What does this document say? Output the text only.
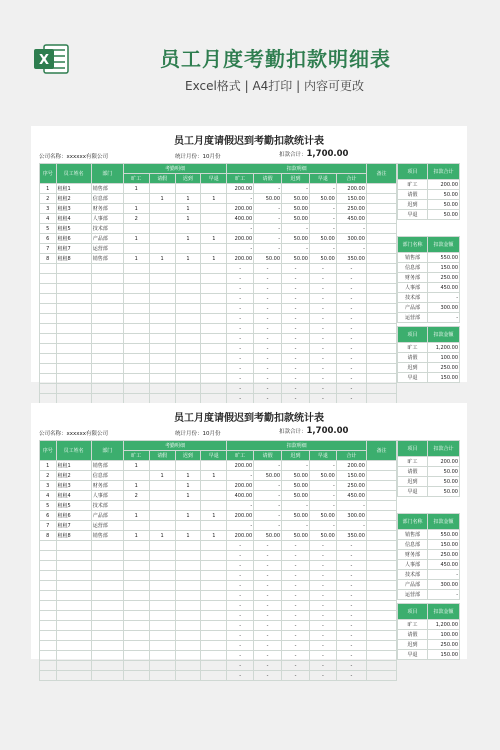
X	员工月度考勤扣款明细表
Excel格式 | A4打印 | 内容可更改
员工月度请假迟到考勤扣款统计表
公司名称：xxxxxx有限公司	统计月份：10月份	扣款合计：1,700.00
序号	员工姓名	部门	考勤明细				扣款明细					备注
			旷工	请假	迟到	早退	旷工	请假	迟到	早退	合计	
1	租租1	销售部	1				200.00	-	-	-	200.00	
2	租租2	信息部		1	1	1	-	50.00	50.00	50.00	150.00	
3	租租3	财务部	1		1		200.00	-	50.00	-	250.00	
4	租租4	人事部	2		1		400.00	-	50.00	-	450.00	
5	租租5	技术部					-	-	-	-	-	
6	租租6	产品部	1		1	1	200.00	-	50.00	50.00	300.00	
7	租租7	运营部					-	-	-	-	-	
8	租租8	销售部	1	1	1	1	200.00	50.00	50.00	50.00	350.00	
							-	-	-	-	-	
							-	-	-	-	-	
							-	-	-	-	-	
							-	-	-	-	-	
							-	-	-	-	-	
							-	-	-	-	-	
							-	-	-	-	-	
							-	-	-	-	-	
							-	-	-	-	-	
							-	-	-	-	-	
							-	-	-	-	-	
							-	-	-	-	-	
							-	-	-	-	-	
							-	-	-	-	-	
项目	扣款合计
旷工	200.00
请假	50.00
迟到	50.00
早退	50.00
部门名称	扣款金额
销售部	550.00
信息部	150.00
财务部	250.00
人事部	450.00
技术部	-
产品部	300.00
运营部	-
项目	扣款金额
旷工	1,200.00
请假	100.00
迟到	250.00
早退	150.00
员工月度请假迟到考勤扣款统计表
公司名称：xxxxxx有限公司	统计月份：10月份	扣款合计：1,700.00
序号	员工姓名	部门	考勤明细				扣款明细					备注
			旷工	请假	迟到	早退	旷工	请假	迟到	早退	合计	
1	租租1	销售部	1				200.00	-	-	-	200.00	
2	租租2	信息部		1	1	1	-	50.00	50.00	50.00	150.00	
3	租租3	财务部	1		1		200.00	-	50.00	-	250.00	
4	租租4	人事部	2		1		400.00	-	50.00	-	450.00	
5	租租5	技术部					-	-	-	-	-	
6	租租6	产品部	1		1	1	200.00	-	50.00	50.00	300.00	
7	租租7	运营部					-	-	-	-	-	
8	租租8	销售部	1	1	1	1	200.00	50.00	50.00	50.00	350.00	
							-	-	-	-	-	
							-	-	-	-	-	
							-	-	-	-	-	
							-	-	-	-	-	
							-	-	-	-	-	
							-	-	-	-	-	
							-	-	-	-	-	
							-	-	-	-	-	
							-	-	-	-	-	
							-	-	-	-	-	
							-	-	-	-	-	
							-	-	-	-	-	
							-	-	-	-	-	
							-	-	-	-	-	
项目	扣款合计
旷工	200.00
请假	50.00
迟到	50.00
早退	50.00
部门名称	扣款金额
销售部	550.00
信息部	150.00
财务部	250.00
人事部	450.00
技术部	-
产品部	300.00
运营部	-
项目	扣款金额
旷工	1,200.00
请假	100.00
迟到	250.00
早退	150.00
